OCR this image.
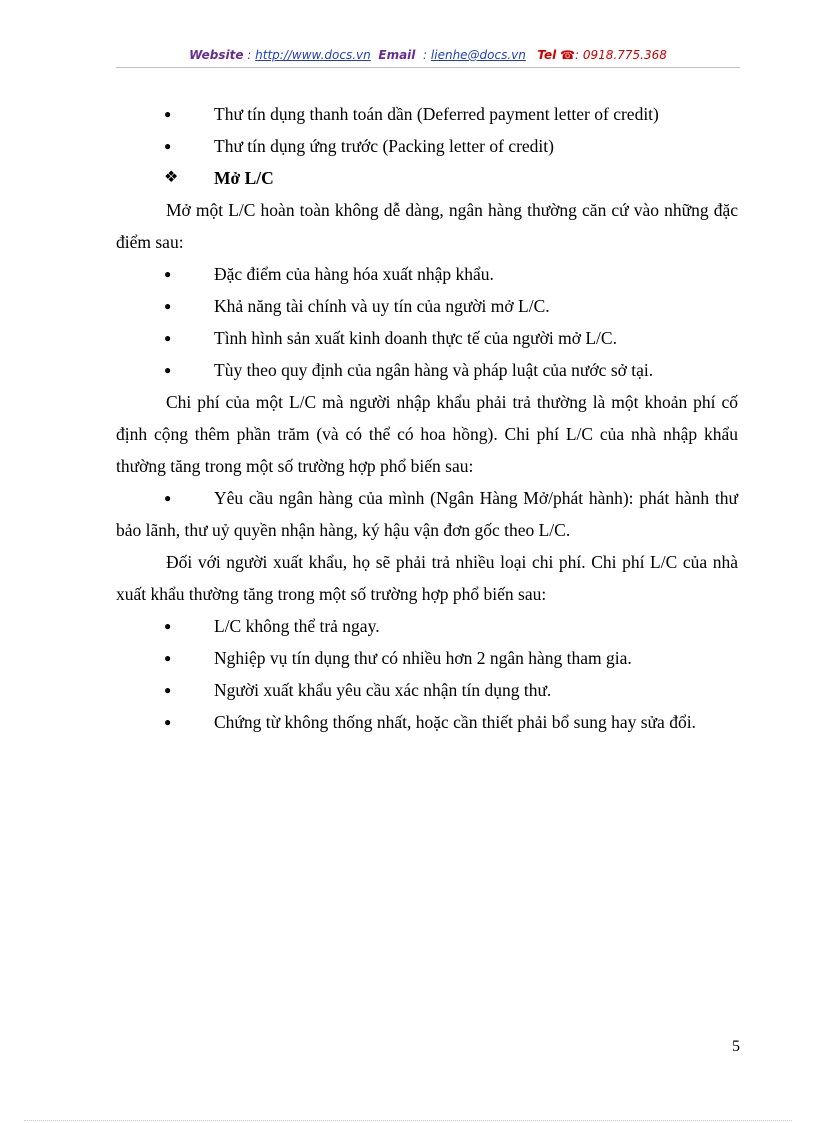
Website : http://www.docs.vn Email  : lienhe@docs.vn Tel ☎: 0918.775.368
● Thư tín dụng thanh toán dần (Deferred payment letter of credit)
● Thư tín dụng ứng trước (Packing letter of credit)
❖ Mở L/C

Mở một L/C hoàn toàn không dễ dàng, ngân hàng thường căn cứ vào những đặc điểm sau:

● Đặc điểm của hàng hóa xuất nhập khẩu.
● Khả năng tài chính và uy tín của người mở L/C.
● Tình hình sản xuất kinh doanh thực tế của người mở L/C.
● Tùy theo quy định của ngân hàng và pháp luật của nước sở tại.

Chi phí của một L/C mà người nhập khẩu phải trả thường là một khoản phí cố định cộng thêm phần trăm (và có thể có hoa hồng). Chi phí L/C của nhà nhập khẩu thường tăng trong một số trường hợp phổ biến sau:

● Yêu cầu ngân hàng của mình (Ngân Hàng Mở/phát hành): phát hành thư bảo lãnh, thư uỷ quyền nhận hàng, ký hậu vận đơn gốc theo L/C.

Đối với người xuất khẩu, họ sẽ phải trả nhiều loại chi phí. Chi phí L/C của nhà xuất khẩu thường tăng trong một số trường hợp phổ biến sau:

● L/C không thể trả ngay.
● Nghiệp vụ tín dụng thư có nhiều hơn 2 ngân hàng tham gia.
● Người xuất khẩu yêu cầu xác nhận tín dụng thư.
● Chứng từ không thống nhất, hoặc cần thiết phải bổ sung hay sửa đổi.
5
